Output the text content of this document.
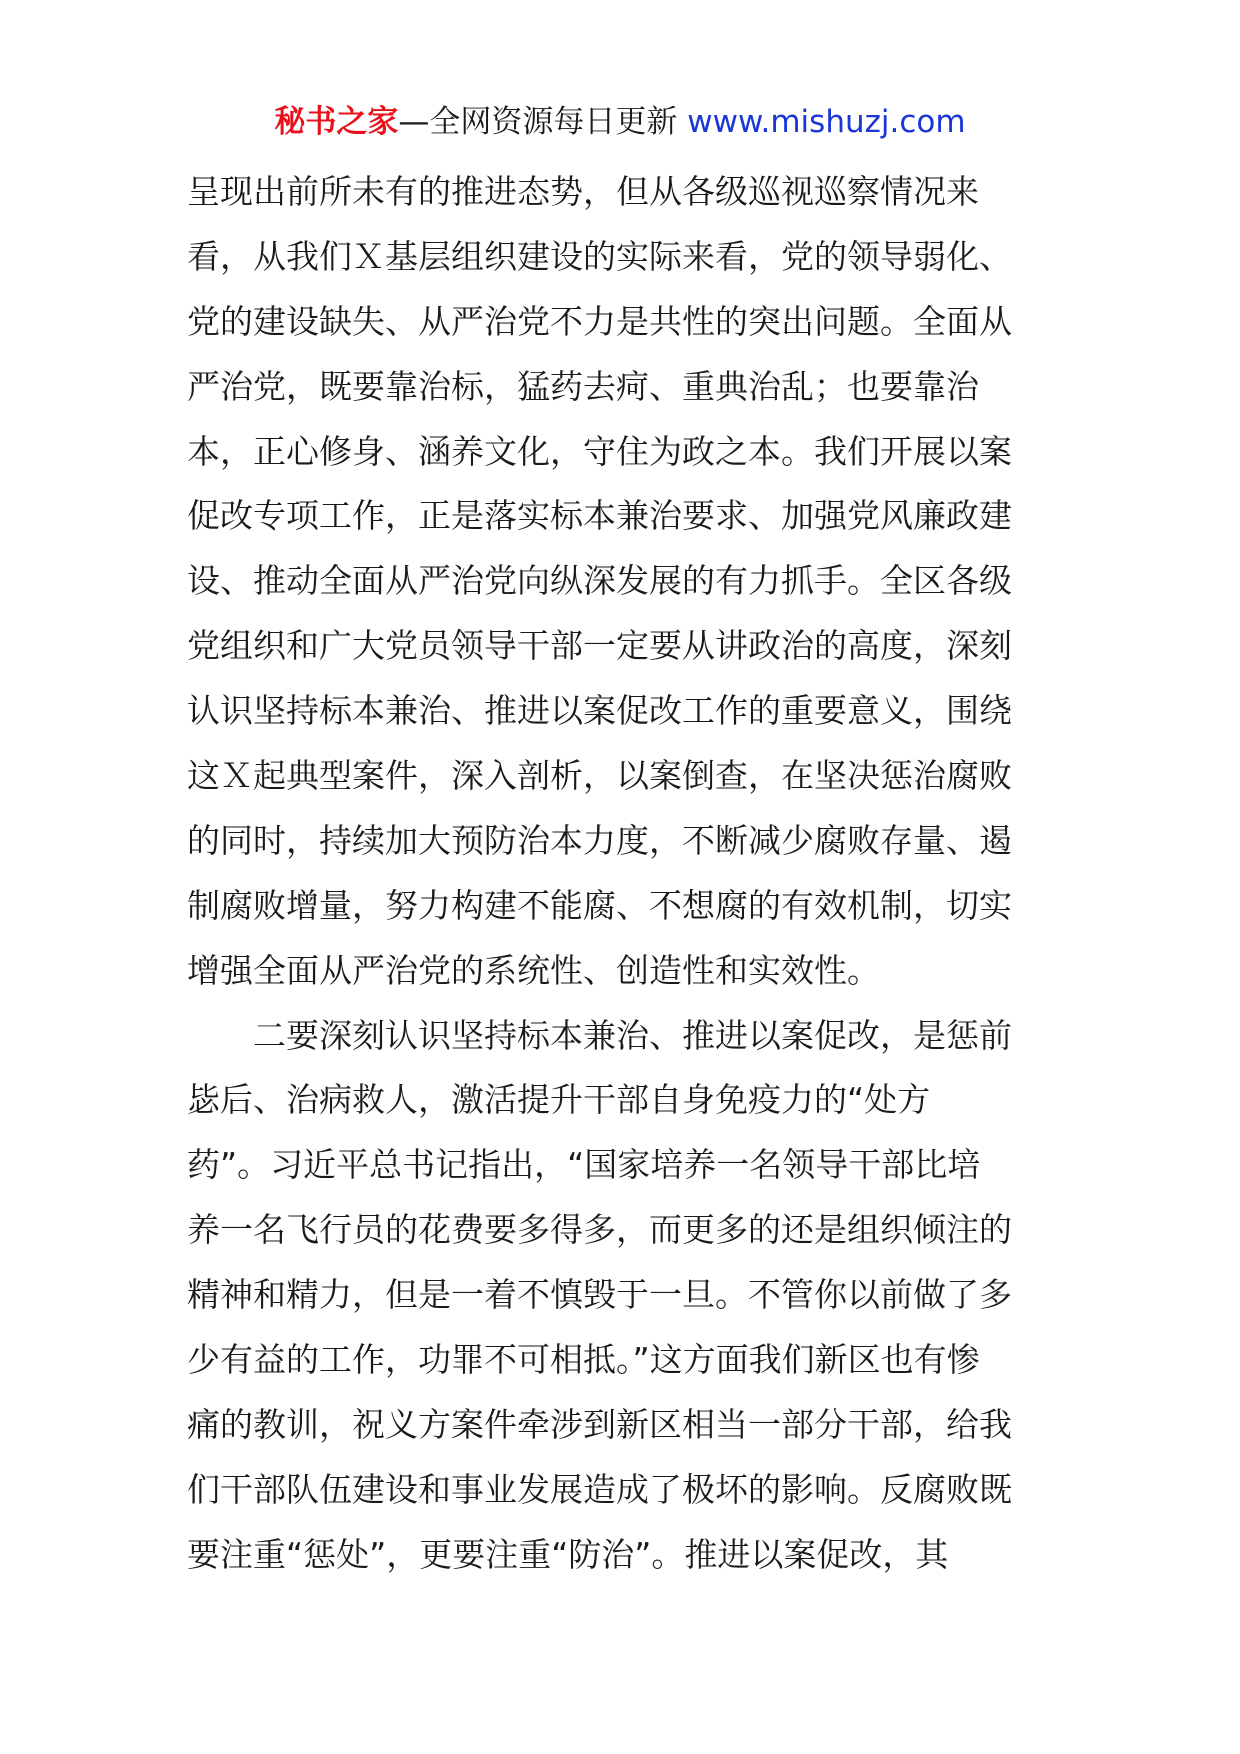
秘书之家—全网资源每日更新 www.mishuzj.com
呈现出前所未有的推进态势，但从各级巡视巡察情况来
看，从我们Ｘ基层组织建设的实际来看，党的领导弱化、
党的建设缺失、从严治党不力是共性的突出问题。全面从
严治党，既要靠治标，猛药去疴、重典治乱；也要靠治
本，正心修身、涵养文化，守住为政之本。我们开展以案
促改专项工作，正是落实标本兼治要求、加强党风廉政建
设、推动全面从严治党向纵深发展的有力抓手。全区各级
党组织和广大党员领导干部一定要从讲政治的高度，深刻
认识坚持标本兼治、推进以案促改工作的重要意义，围绕
这Ｘ起典型案件，深入剖析，以案倒查，在坚决惩治腐败
的同时，持续加大预防治本力度，不断减少腐败存量、遏
制腐败增量，努力构建不能腐、不想腐的有效机制，切实
增强全面从严治党的系统性、创造性和实效性。
　　二要深刻认识坚持标本兼治、推进以案促改，是惩前
毖后、治病救人，激活提升干部自身免疫力的“处方
药”。习近平总书记指出，“国家培养一名领导干部比培
养一名飞行员的花费要多得多，而更多的还是组织倾注的
精神和精力，但是一着不慎毁于一旦。不管你以前做了多
少有益的工作，功罪不可相抵。”这方面我们新区也有惨
痛的教训，祝义方案件牵涉到新区相当一部分干部，给我
们干部队伍建设和事业发展造成了极坏的影响。反腐败既
要注重“惩处”，更要注重“防治”。推进以案促改，其
